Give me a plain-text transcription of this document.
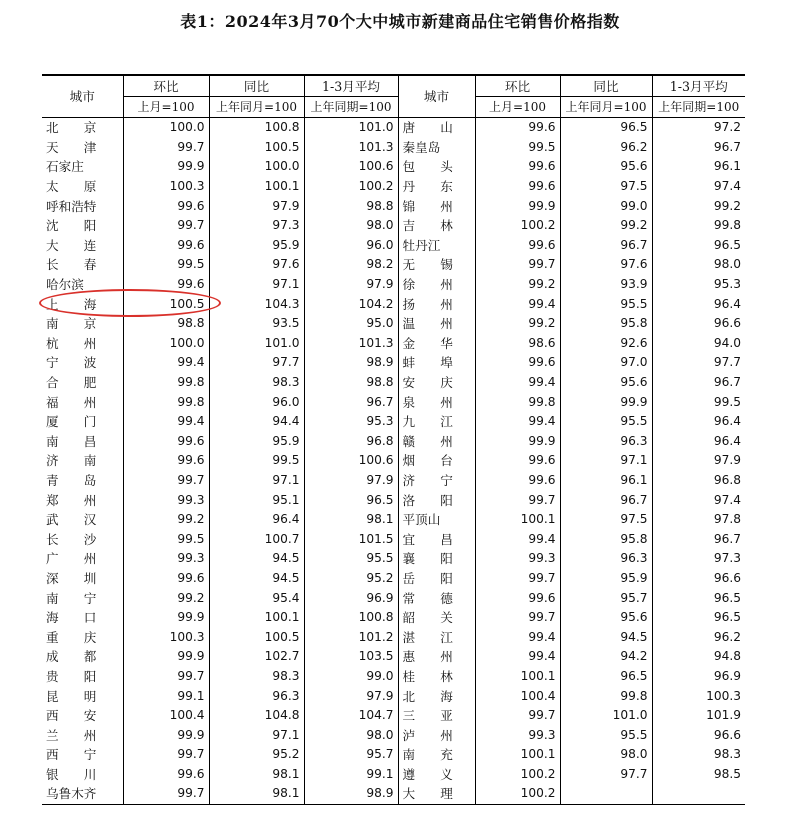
表1：2024年3月70个大中城市新建商品住宅销售价格指数
城市	环比	同比	1-3月平均	城市	环比	同比	1-3月平均
	上月=100	上年同月=100	上年同期=100		上月=100	上年同月=100	上年同期=100
北　　京	100.0	100.8	101.0	唐　　山	99.6	96.5	97.2
天　　津	99.7	100.5	101.3	秦皇岛	99.5	96.2	96.7
石家庄	99.9	100.0	100.6	包　　头	99.6	95.6	96.1
太　　原	100.3	100.1	100.2	丹　　东	99.6	97.5	97.4
呼和浩特	99.6	97.9	98.8	锦　　州	99.9	99.0	99.2
沈　　阳	99.7	97.3	98.0	吉　　林	100.2	99.2	99.8
大　　连	99.6	95.9	96.0	牡丹江	99.6	96.7	96.5
长　　春	99.5	97.6	98.2	无　　锡	99.7	97.6	98.0
哈尔滨	99.6	97.1	97.9	徐　　州	99.2	93.9	95.3
上　　海	100.5	104.3	104.2	扬　　州	99.4	95.5	96.4
南　　京	98.8	93.5	95.0	温　　州	99.2	95.8	96.6
杭　　州	100.0	101.0	101.3	金　　华	98.6	92.6	94.0
宁　　波	99.4	97.7	98.9	蚌　　埠	99.6	97.0	97.7
合　　肥	99.8	98.3	98.8	安　　庆	99.4	95.6	96.7
福　　州	99.8	96.0	96.7	泉　　州	99.8	99.9	99.5
厦　　门	99.4	94.4	95.3	九　　江	99.4	95.5	96.4
南　　昌	99.6	95.9	96.8	赣　　州	99.9	96.3	96.4
济　　南	99.6	99.5	100.6	烟　　台	99.6	97.1	97.9
青　　岛	99.7	97.1	97.9	济　　宁	99.6	96.1	96.8
郑　　州	99.3	95.1	96.5	洛　　阳	99.7	96.7	97.4
武　　汉	99.2	96.4	98.1	平顶山	100.1	97.5	97.8
长　　沙	99.5	100.7	101.5	宜　　昌	99.4	95.8	96.7
广　　州	99.3	94.5	95.5	襄　　阳	99.3	96.3	97.3
深　　圳	99.6	94.5	95.2	岳　　阳	99.7	95.9	96.6
南　　宁	99.2	95.4	96.9	常　　德	99.6	95.7	96.5
海　　口	99.9	100.1	100.8	韶　　关	99.7	95.6	96.5
重　　庆	100.3	100.5	101.2	湛　　江	99.4	94.5	96.2
成　　都	99.9	102.7	103.5	惠　　州	99.4	94.2	94.8
贵　　阳	99.7	98.3	99.0	桂　　林	100.1	96.5	96.9
昆　　明	99.1	96.3	97.9	北　　海	100.4	99.8	100.3
西　　安	100.4	104.8	104.7	三　　亚	99.7	101.0	101.9
兰　　州	99.9	97.1	98.0	泸　　州	99.3	95.5	96.6
西　　宁	99.7	95.2	95.7	南　　充	100.1	98.0	98.3
银　　川	99.6	98.1	99.1	遵　　义	100.2	97.7	98.5
乌鲁木齐	99.7	98.1	98.9	大　　理	100.2		
